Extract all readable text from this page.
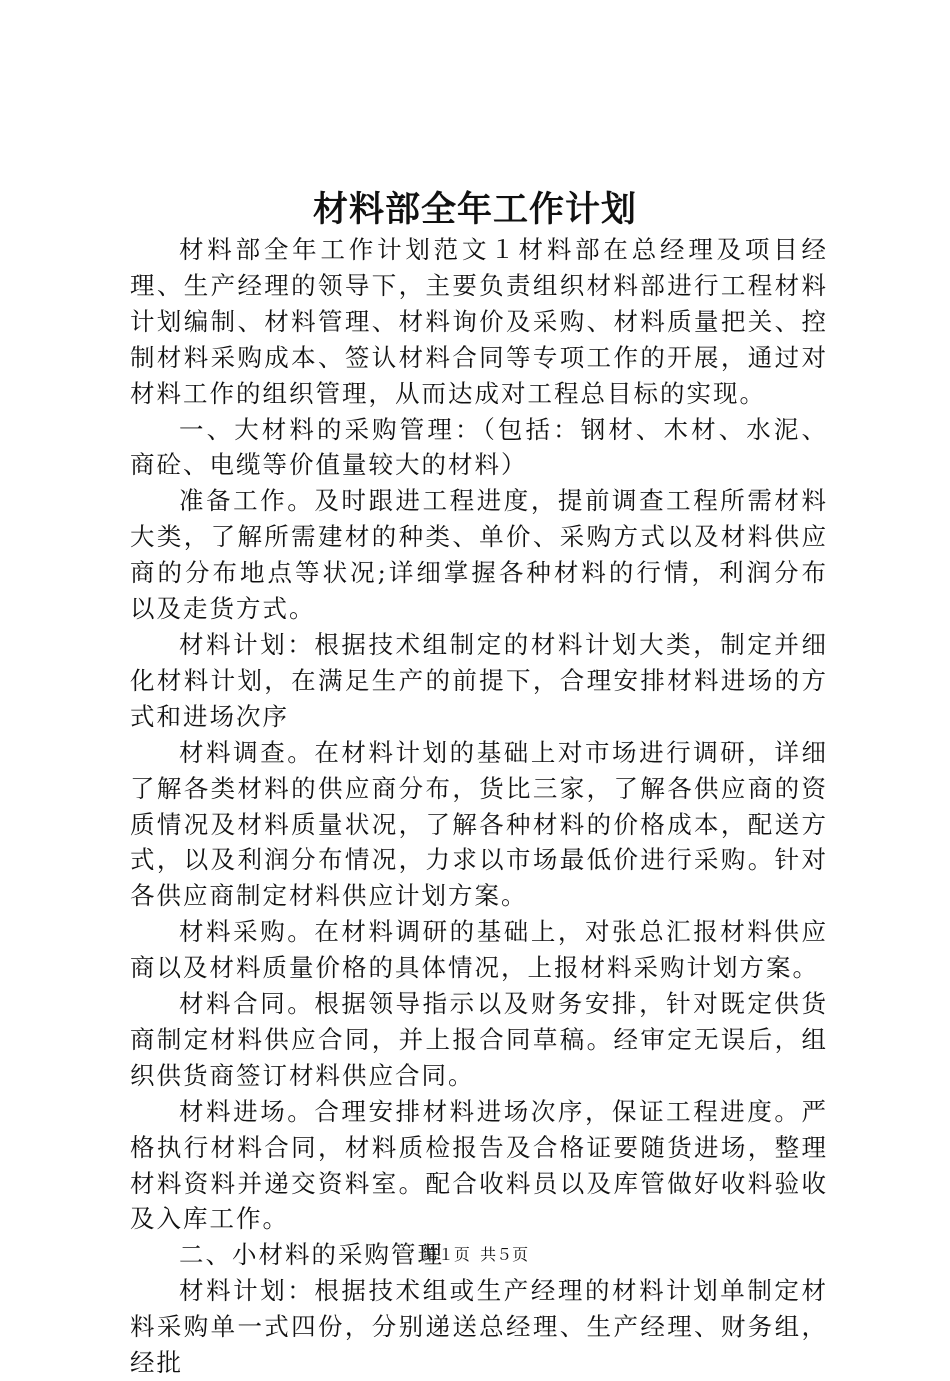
材料部全年工作计划

材料部全年工作计划范文１材料部在总经理及项目经理、生产经理的领导下，主要负责组织材料部进行工程材料计划编制、材料管理、材料询价及采购、材料质量把关、控制材料采购成本、签认材料合同等专项工作的开展，通过对材料工作的组织管理，从而达成对工程总目标的实现。

一、大材料的采购管理：（包括：钢材、木材、水泥、商砼、电缆等价值量较大的材料）

准备工作。及时跟进工程进度，提前调查工程所需材料大类，了解所需建材的种类、单价、采购方式以及材料供应商的分布地点等状况;详细掌握各种材料的行情，利润分布以及走货方式。

材料计划：根据技术组制定的材料计划大类，制定并细化材料计划，在满足生产的前提下，合理安排材料进场的方式和进场次序

材料调查。在材料计划的基础上对市场进行调研，详细了解各类材料的供应商分布，货比三家，了解各供应商的资质情况及材料质量状况，了解各种材料的价格成本，配送方式，以及利润分布情况，力求以市场最低价进行采购。针对各供应商制定材料供应计划方案。

材料采购。在材料调研的基础上，对张总汇报材料供应商以及材料质量价格的具体情况，上报材料采购计划方案。

材料合同。根据领导指示以及财务安排，针对既定供货商制定材料供应合同，并上报合同草稿。经审定无误后，组织供货商签订材料供应合同。

材料进场。合理安排材料进场次序，保证工程进度。严格执行材料合同，材料质检报告及合格证要随货进场，整理材料资料并递交资料室。配合收料员以及库管做好收料验收及入库工作。

二、小材料的采购管理

材料计划：根据技术组或生产经理的材料计划单制定材料采购单一式四份，分别递送总经理、生产经理、财务组，经批

第１页  共５页
